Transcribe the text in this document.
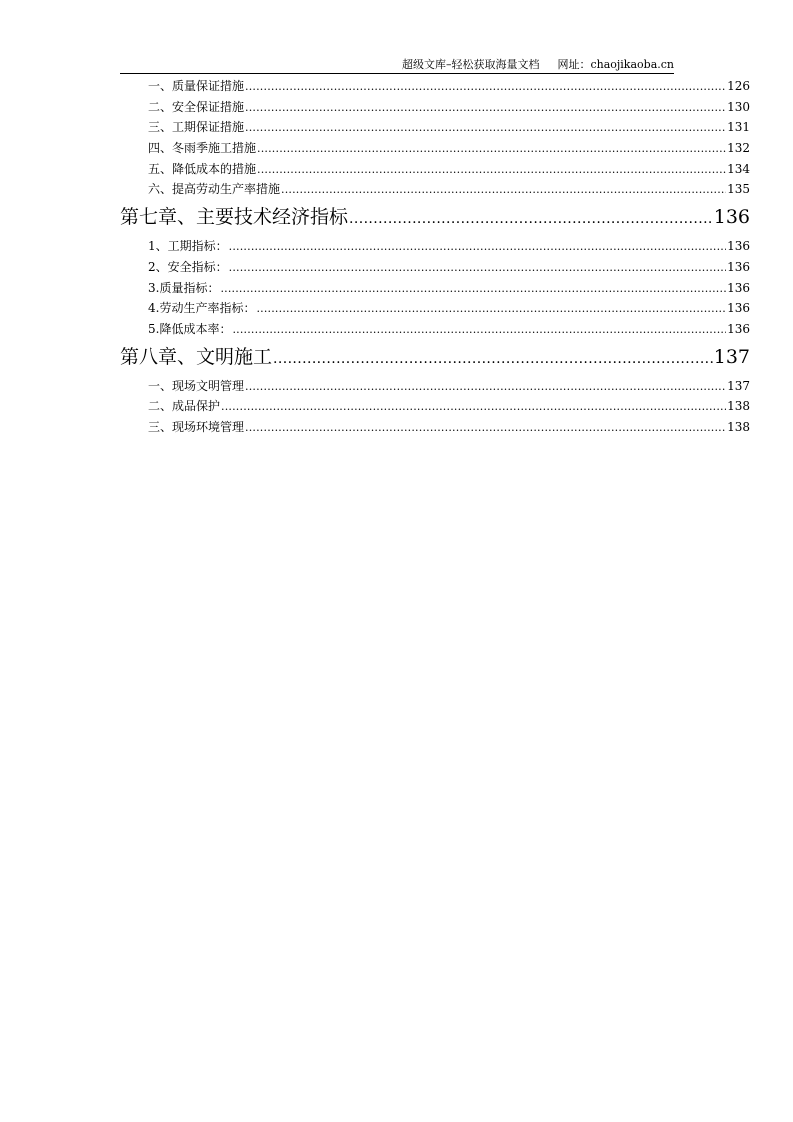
超级文库–轻松获取海量文档 网址：chaojikaoba.cn
一、质量保证措施 .....	126
二、安全保证措施 .....	130
三、工期保证措施 .....	131
四、冬雨季施工措施 .....	132
五、降低成本的措施 .....	134
六、提高劳动生产率措施 .....	135
第七章、主要技术经济指标 .....	136
1、工期指标： .....	136
2、安全指标： .....	136
3.质量指标： .....	136
4.劳动生产率指标： .....	136
5.降低成本率： .....	136
第八章、文明施工 .....	137
一、现场文明管理 .....	137
二、成品保护 .....	138
三、现场环境管理 .....	138
